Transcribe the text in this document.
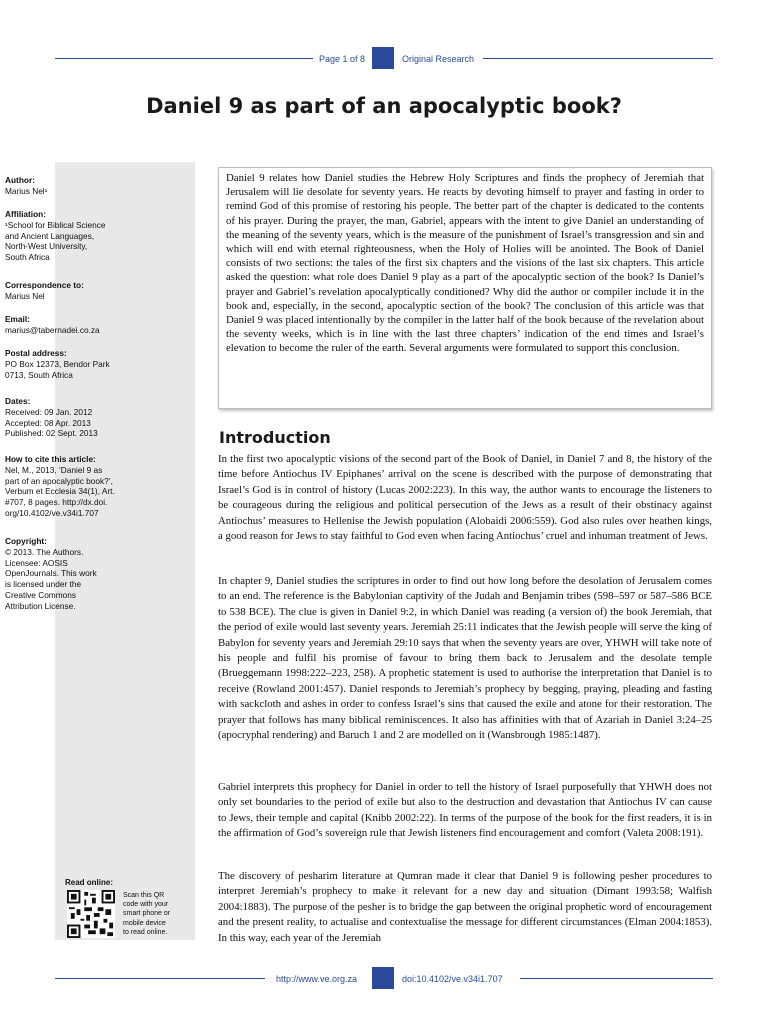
Page 1 of 8	Original Research
Daniel 9 as part of an apocalyptic book?
Author:
Marius Nel¹
Affiliation:
¹School for Biblical Science
and Ancient Languages,
North-West University,
South Africa
Correspondence to:
Marius Nel
Email:
marius@tabernadei.co.za
Postal address:
PO Box 12373, Bendor Park
0713, South Africa
Dates:
Received: 09 Jan. 2012
Accepted: 08 Apr. 2013
Published: 02 Sept. 2013
How to cite this article:
Nel, M., 2013, ‘Daniel 9 as
part of an apocalyptic book?’,
Verbum et Ecclesia 34(1), Art.
#707, 8 pages. http://dx.doi.
org/10.4102/ve.v34i1.707
Copyright:
© 2013. The Authors.
Licensee: AOSIS
OpenJournals. This work
is licensed under the
Creative Commons
Attribution License.
Read online:
Scan this QR
code with your
smart phone or
mobile device
to read online.

Daniel 9 relates how Daniel studies the Hebrew Holy Scriptures and finds the prophecy of Jeremiah that Jerusalem will lie desolate for seventy years. He reacts by devoting himself to prayer and fasting in order to remind God of this promise of restoring his people. The better part of the chapter is dedicated to the contents of his prayer. During the prayer, the man, Gabriel, appears with the intent to give Daniel an understanding of the meaning of the seventy years, which is the measure of the punishment of Israel’s transgression and sin and which will end with eternal righteousness, when the Holy of Holies will be anointed. The Book of Daniel consists of two sections: the tales of the first six chapters and the visions of the last six chapters. This article asked the question: what role does Daniel 9 play as a part of the apocalyptic section of the book? Is Daniel’s prayer and Gabriel’s revelation apocalyptically conditioned? Why did the author or compiler include it in the book and, especially, in the second, apocalyptic section of the book? The conclusion of this article was that Daniel 9 was placed intentionally by the compiler in the latter half of the book because of the revelation about the seventy weeks, which is in line with the last three chapters’ indication of the end times and Israel’s elevation to become the ruler of the earth. Several arguments were formulated to support this conclusion.

Introduction

In the first two apocalyptic visions of the second part of the Book of Daniel, in Daniel 7 and 8, the history of the time before Antiochus IV Epiphanes’ arrival on the scene is described with the purpose of demonstrating that Israel’s God is in control of history (Lucas 2002:223). In this way, the author wants to encourage the listeners to be courageous during the religious and political persecution of the Jews as a result of their obstinacy against Antiochus’ measures to Hellenise the Jewish population (Alobaidi 2006:559). God also rules over heathen kings, a good reason for Jews to stay faithful to God even when facing Antiochus’ cruel and inhuman treatment of Jews.

In chapter 9, Daniel studies the scriptures in order to find out how long before the desolation of Jerusalem comes to an end. The reference is the Babylonian captivity of the Judah and Benjamin tribes (598–597 or 587–586 BCE to 538 BCE). The clue is given in Daniel 9:2, in which Daniel was reading (a version of) the book Jeremiah, that the period of exile would last seventy years. Jeremiah 25:11 indicates that the Jewish people will serve the king of Babylon for seventy years and Jeremiah 29:10 says that when the seventy years are over, YHWH will take note of his people and fulfil his promise of favour to bring them back to Jerusalem and the desolate temple (Brueggemann 1998:222–223, 258). A prophetic statement is used to authorise the interpretation that Daniel is to receive (Rowland 2001:457). Daniel responds to Jeremiah’s prophecy by begging, praying, pleading and fasting with sackcloth and ashes in order to confess Israel’s sins that caused the exile and atone for their restoration. The prayer that follows has many biblical reminiscences. It also has affinities with that of Azariah in Daniel 3:24–25 (apocryphal rendering) and Baruch 1 and 2 are modelled on it (Wansbrough 1985:1487).

Gabriel interprets this prophecy for Daniel in order to tell the history of Israel purposefully that YHWH does not only set boundaries to the period of exile but also to the destruction and devastation that Antiochus IV can cause to Jews, their temple and capital (Knibb 2002:22). In terms of the purpose of the book for the first readers, it is in the affirmation of God’s sovereign rule that Jewish listeners find encouragement and comfort (Valeta 2008:191).

The discovery of pesharim literature at Qumran made it clear that Daniel 9 is following pesher procedures to interpret Jeremiah’s prophecy to make it relevant for a new day and situation (Dimant 1993:58; Walfish 2004:1883). The purpose of the pesher is to bridge the gap between the original prophetic word of encouragement and the present reality, to actualise and contextualise the message for different circumstances (Elman 2004:1853). In this way, each year of the Jeremiah

http://www.ve.org.za	doi:10.4102/ve.v34i1.707
